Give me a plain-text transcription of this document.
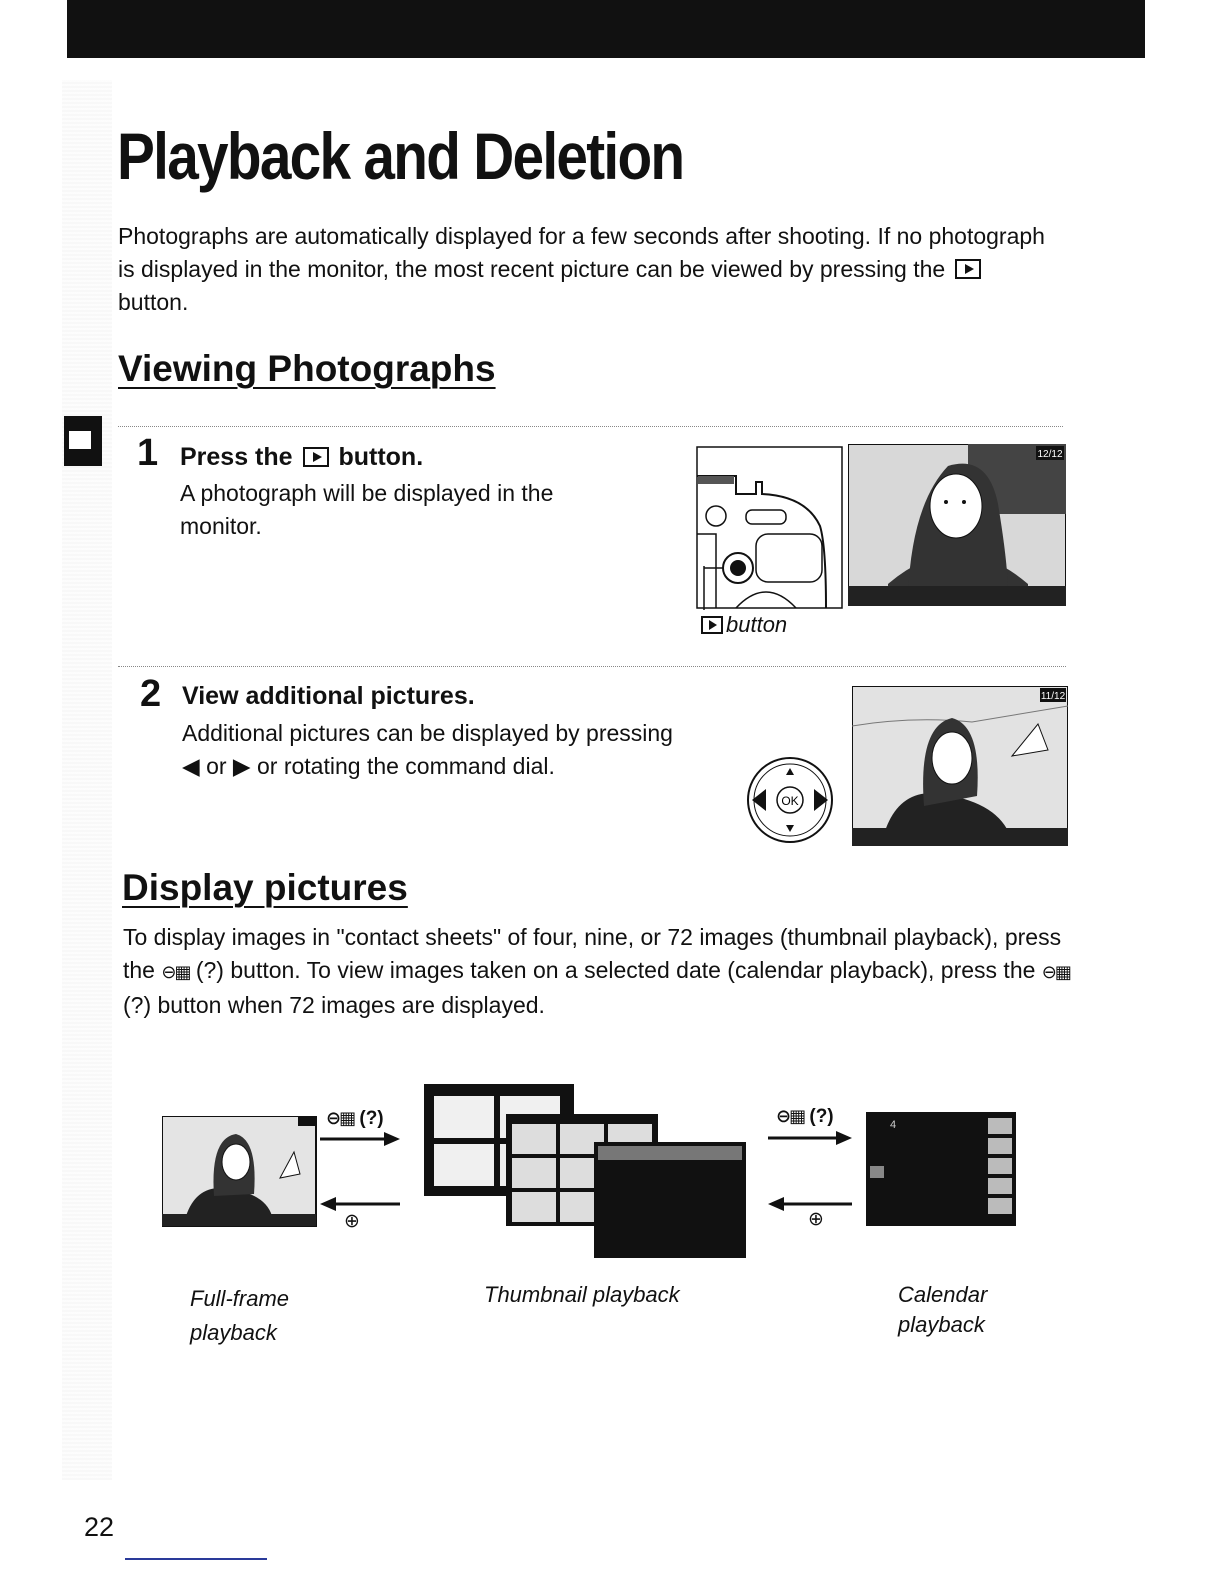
Playback and Deletion

Photographs are automatically displayed for a few seconds after shooting. If no photograph is displayed in the monitor, the most recent picture can be viewed by pressing the  button.

Viewing Photographs
1 Press the button.

A photograph will be displayed in the monitor.

button
12/12
2 View additional pictures.

Additional pictures can be displayed by pressing ◀ or ▶ or rotating the command dial.

OK
11/12
Display pictures

To display images in "contact sheets" of four, nine, or 72 images (thumbnail playback), press the ⊖▦ (?) button. To view images taken on a selected date (calendar playback), press the ⊖▦ (?) button when 72 images are displayed.

⊖▦ (?)
⊕
⊖▦ (?)
⊕
4
Full-frame playback
Thumbnail playback	Calendar playback
22
